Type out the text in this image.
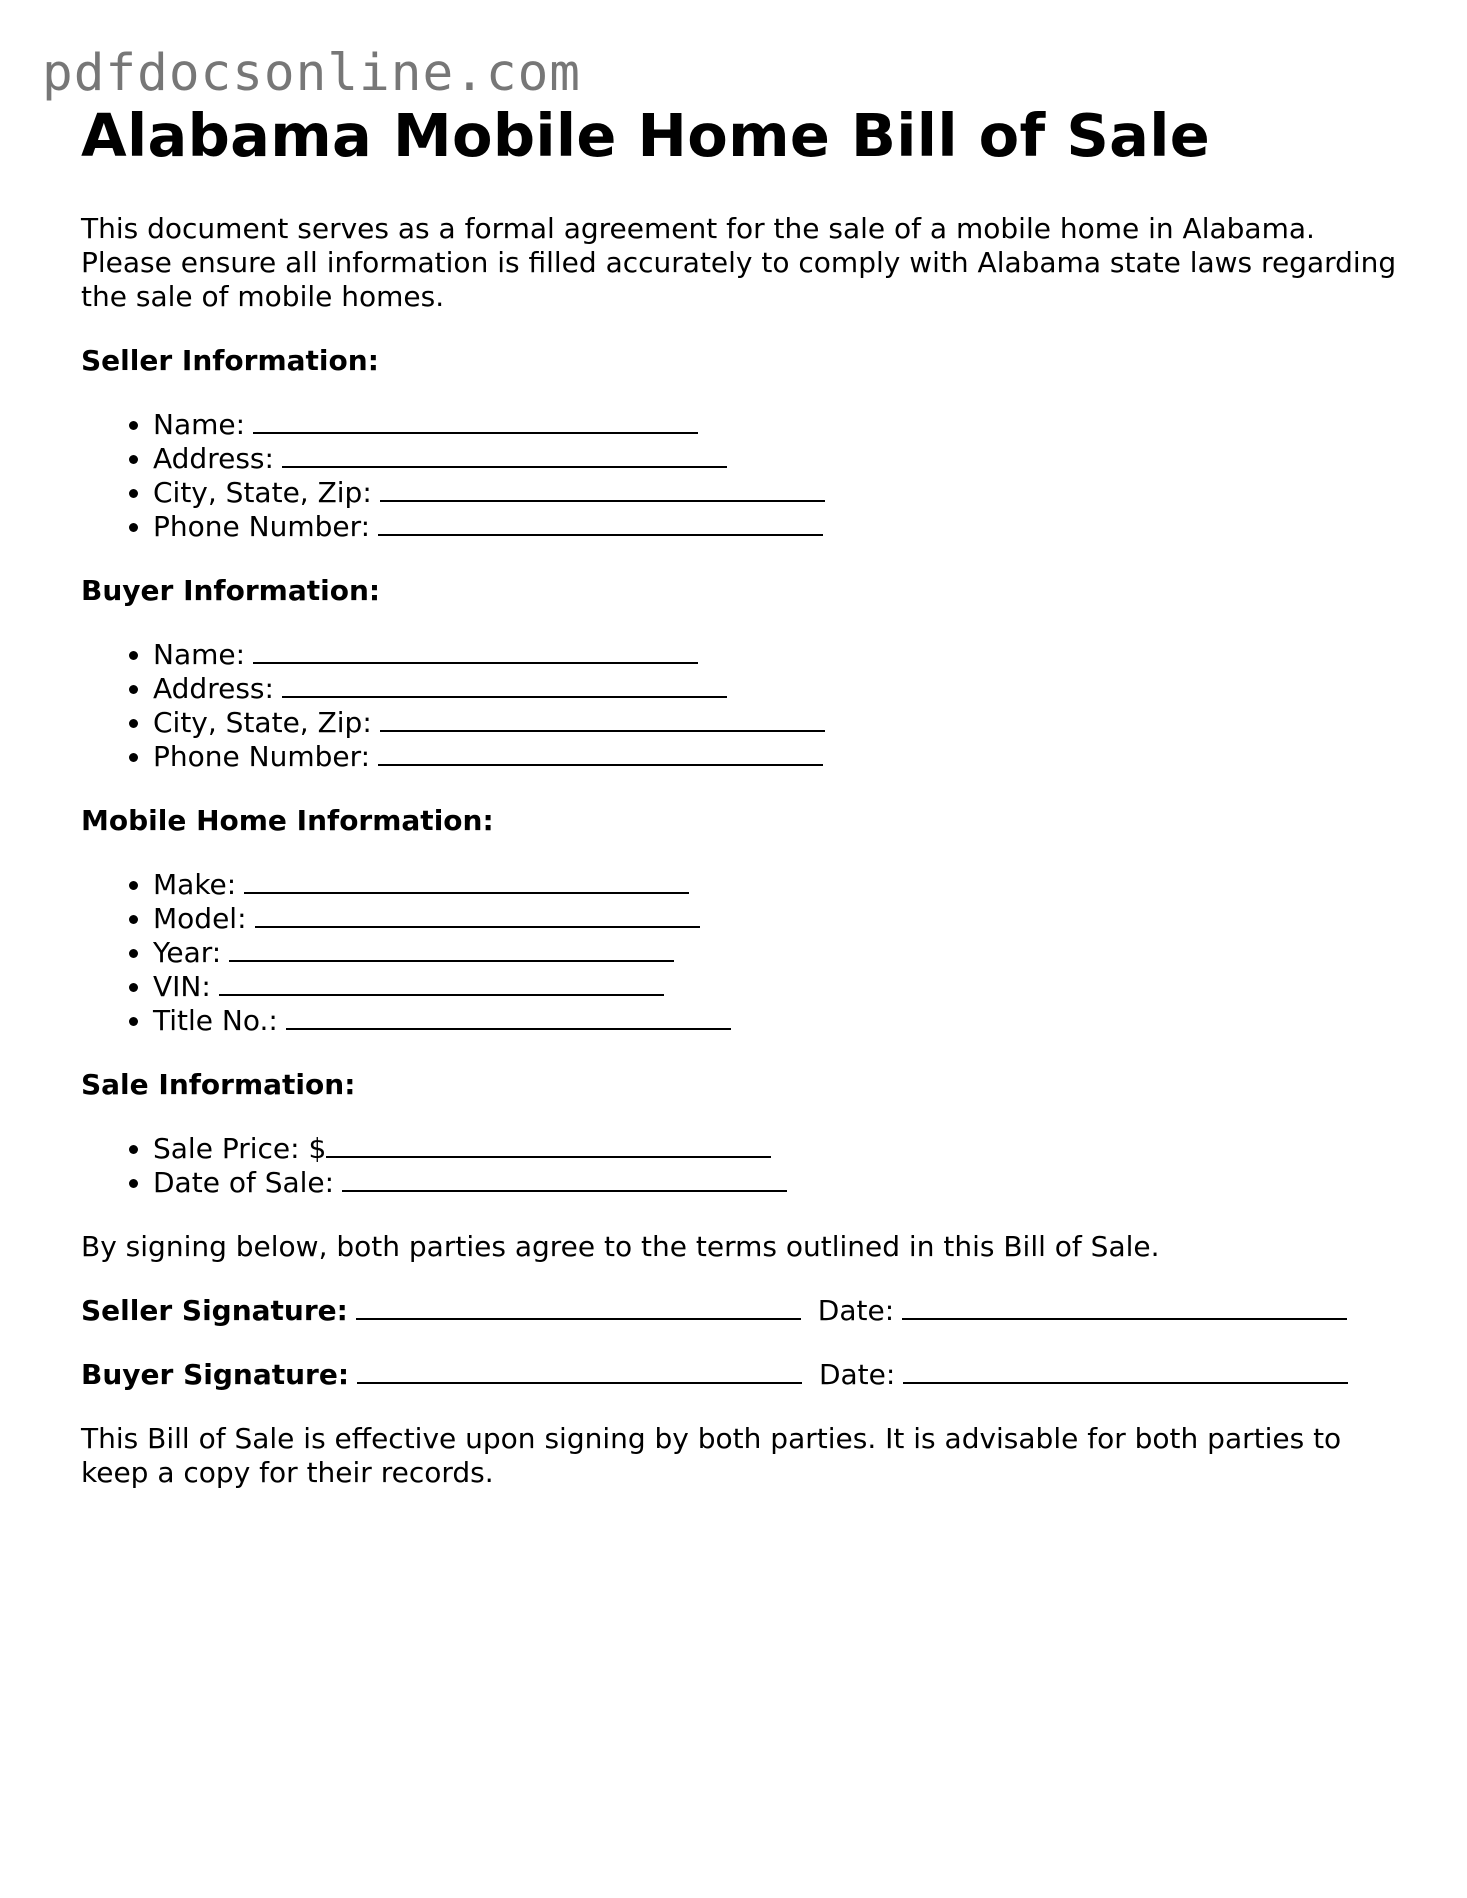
pdfdocsonline.com
Alabama Mobile Home Bill of Sale

This document serves as a formal agreement for the sale of a mobile home in Alabama. Please ensure all information is filled accurately to comply with Alabama state laws regarding the sale of mobile homes.

Seller Information:
• Name:
• Address:
• City, State, Zip:
• Phone Number:
Buyer Information:
• Name:
• Address:
• City, State, Zip:
• Phone Number:
Mobile Home Information:
• Make:
• Model:
• Year:
• VIN:
• Title No.:
Sale Information:
• Sale Price: $
• Date of Sale:

By signing below, both parties agree to the terms outlined in this Bill of Sale.

Seller Signature:	Date:
Buyer Signature:	Date:

This Bill of Sale is effective upon signing by both parties. It is advisable for both parties to keep a copy for their records.
